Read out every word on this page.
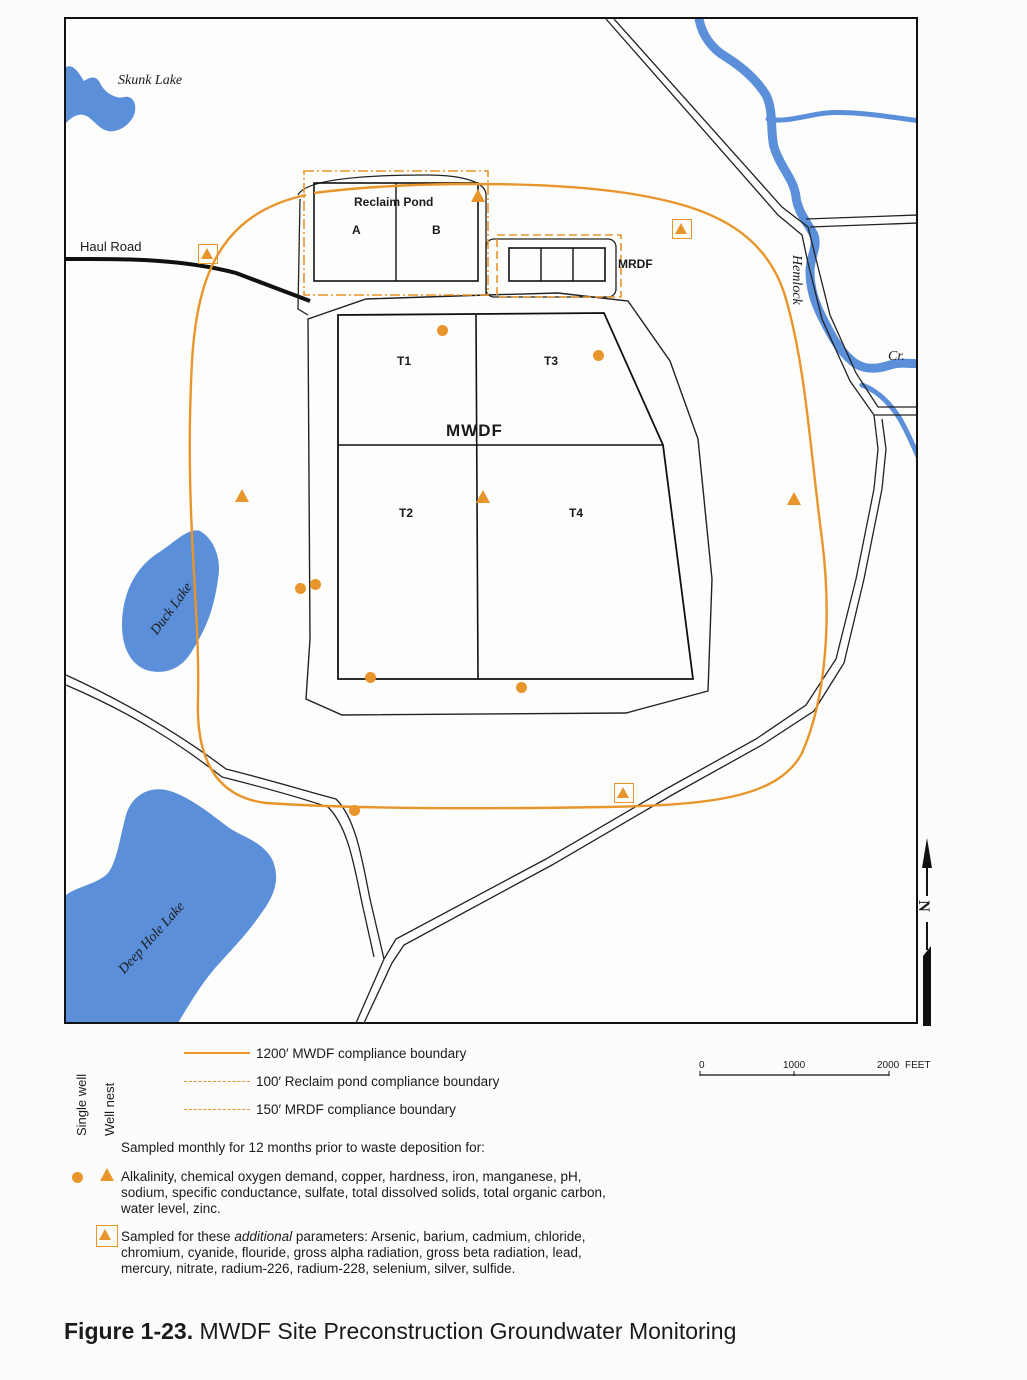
Skunk Lake
Haul Road
Reclaim Pond
A	B
MRDF	Hemlock
Cr.
T1	T3
MWDF
T2	T4
Duck Lake
Deep Hole Lake	N
Single well Well nest
1200′ MWDF compliance boundary
100′ Reclaim pond compliance boundary
150′ MRDF compliance boundary
Sampled monthly for 12 months prior to waste deposition for:
Alkalinity, chemical oxygen demand, copper, hardness, iron, manganese, pH, sodium, specific conductance, sulfate, total dissolved solids, total organic carbon, water level, zinc.
Sampled for these additional parameters: Arsenic, barium, cadmium, chloride, chromium, cyanide, flouride, gross alpha radiation, gross beta radiation, lead, mercury, nitrate, radium-226, radium-228, selenium, silver, sulfide.
0	1000	2000 FEET
Figure 1-23. MWDF Site Preconstruction Groundwater Monitoring
